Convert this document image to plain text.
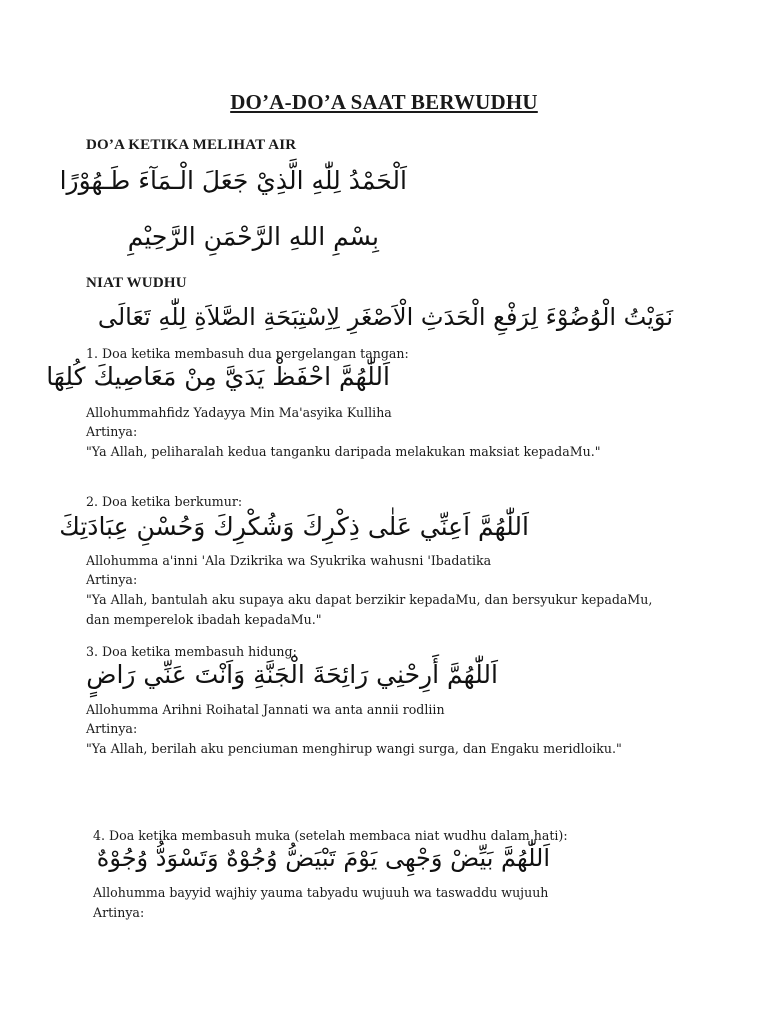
DO’A-DO’A SAAT BERWUDHU
DO’A KETIKA MELIHAT AIR
اَلْحَمْدُ لِلّٰهِ الَّذِيْ جَعَلَ الْـمَآءَ طَـهُوْرًا
بِسْمِ اللهِ الرَّحْمَنِ الرَّحِيْمِ
NIAT WUDHU
نَوَيْتُ الْوُضُوْءَ لِرَفْعِ الْحَدَثِ الْاَصْغَرِ لِاِسْتِبَحَةِ الصَّلاَةِ لِلّٰهِ تَعَالَى
1. Doa ketika membasuh dua pergelangan tangan:
اَللّٰهُمَّ احْفَظْ يَدَيَّ مِنْ مَعَاصِيكَ كُلِهَا
Allohummahfidz Yadayya Min Ma'asyika Kulliha
Artinya:
"Ya Allah, peliharalah kedua tanganku daripada melakukan maksiat kepadaMu."
2. Doa ketika berkumur:
اَللّٰهُمَّ اَعِنِّي عَلٰى ذِكْرِكَ وَشُكْرِكَ وَحُسْنِ عِبَادَتِكَ
Allohumma a'inni 'Ala Dzikrika wa Syukrika wahusni 'Ibadatika
Artinya:
"Ya Allah, bantulah aku supaya aku dapat berzikir kepadaMu, dan bersyukur kepadaMu, dan memperelok ibadah kepadaMu."
3. Doa ketika membasuh hidung:
اَللّٰهُمَّ أَرِحْنِي رَائِحَةَ الْجَنَّةِ وَاَنْتَ عَنِّي رَاضٍ
Allohumma Arihni Roihatal Jannati wa anta annii rodliin
Artinya:
"Ya Allah, berilah aku penciuman menghirup wangi surga, dan Engaku meridloiku."
4. Doa ketika membasuh muka (setelah membaca niat wudhu dalam hati):
اَللّٰهُمَّ بَيِّضْ وَجْهِى يَوْمَ تَبْيَضُّ وُجُوْهٌ وَتَسْوَدُّ وُجُوْهٌ
Allohumma bayyid wajhiy yauma tabyadu wujuuh wa taswaddu wujuuh
Artinya:
